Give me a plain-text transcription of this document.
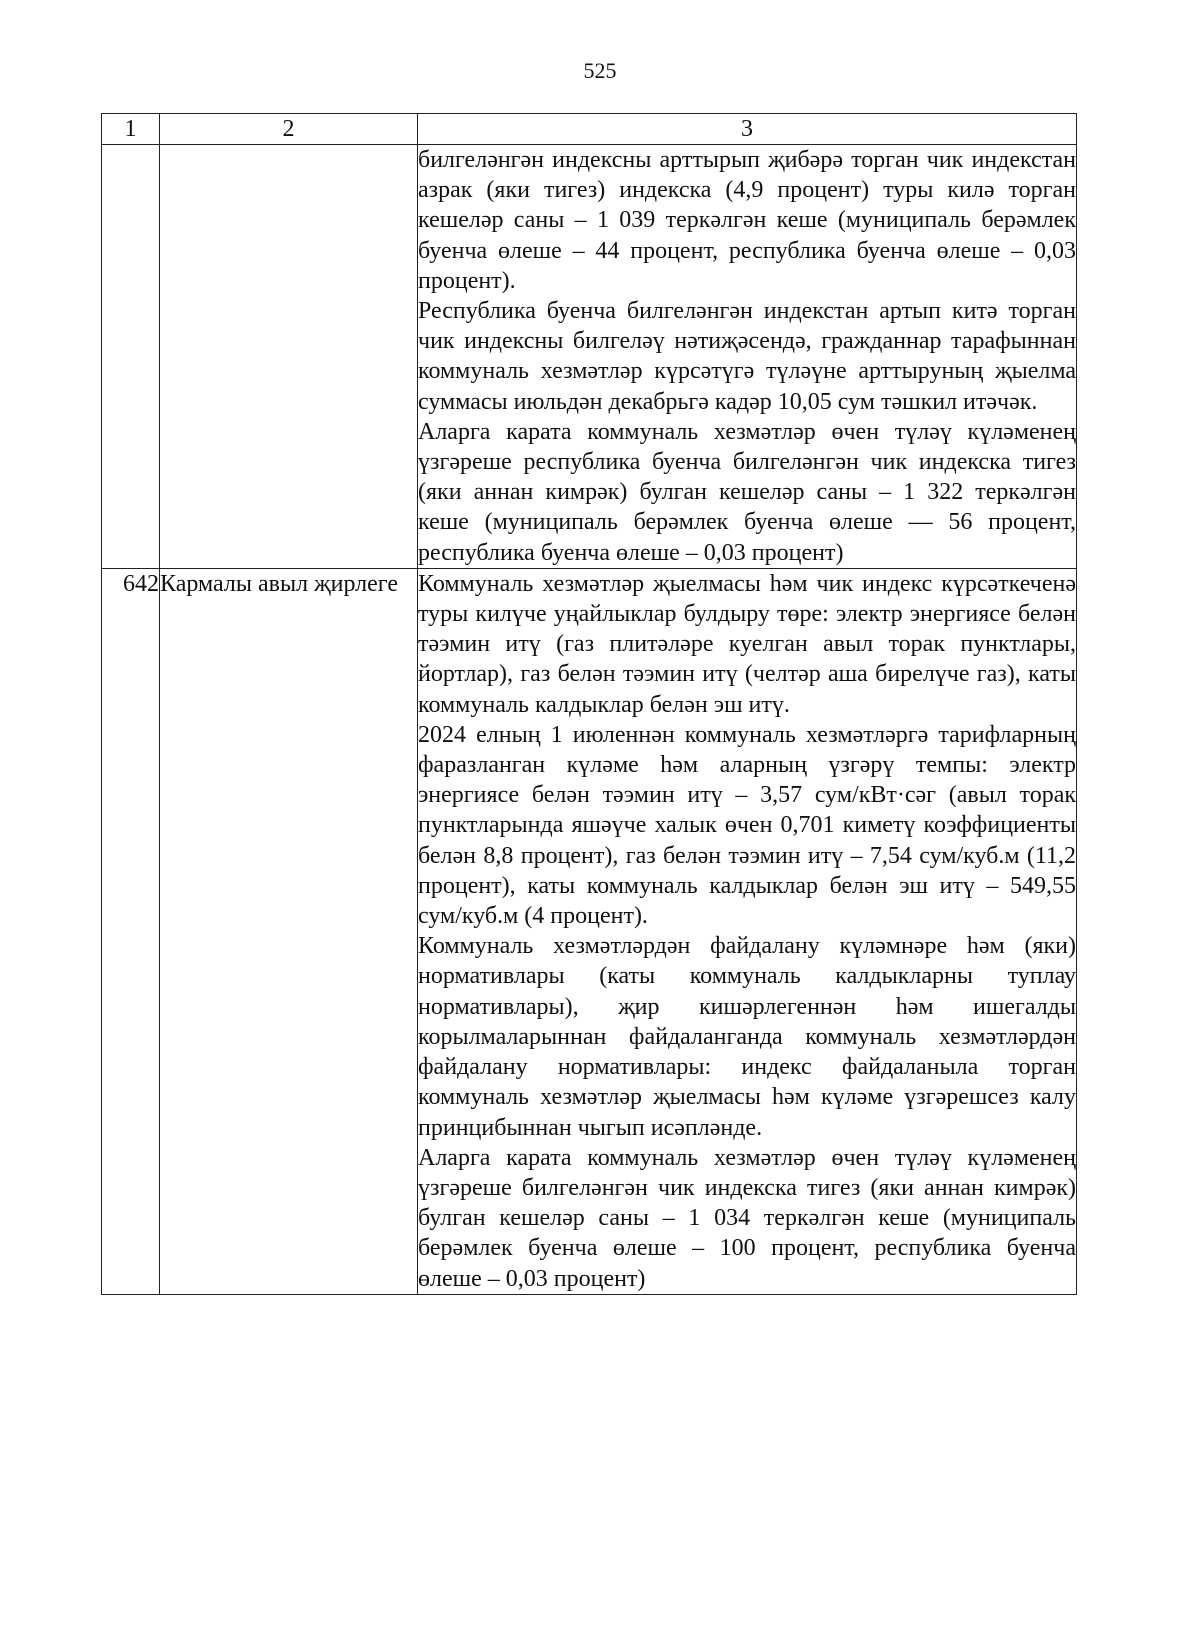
525
1	2	3

		билгеләнгән индексны арттырып җибәрә торган чик индекстан азрак (яки тигез) индекска (4,9 процент) туры килә торган кешеләр саны – 1 039 теркәлгән кеше (муниципаль берәмлек буенча өлеше – 44 процент, республика буенча өлеше – 0,03 процент).

Республика буенча билгеләнгән индекстан артып китә торган чик индексны билгеләү нәтиҗәсендә, гражданнар тарафыннан коммуналь хезмәтләр күрсәтүгә түләүне арттыруның җыелма суммасы июльдән декабрьгә кадәр 10,05 сум тәшкил итәчәк.

Аларга карата коммуналь хезмәтләр өчен түләү күләменең үзгәреше республика буенча билгеләнгән чик индекска тигез (яки аннан кимрәк) булган кешеләр саны – 1 322 теркәлгән кеше (муниципаль берәмлек буенча өлеше — 56 процент, республика буенча өлеше – 0,03 процент)

642	Кармалы авыл җирлеге	Коммуналь хезмәтләр җыелмасы һәм чик индекс күрсәткеченә туры килүче уңайлыклар булдыру төре: электр энергиясе белән тәэмин итү (газ плитәләре куелган авыл торак пунктлары, йортлар), газ белән тәэмин итү (челтәр аша бирелүче газ), каты коммуналь калдыклар белән эш итү.

2024 елның 1 июленнән коммуналь хезмәтләргә тарифларның фаразланган күләме һәм аларның үзгәрү темпы: электр энергиясе белән тәэмин итү – 3,57 сум/кВт·сәг (авыл торак пунктларында яшәүче халык өчен 0,701 киметү коэффициенты белән 8,8 процент), газ белән тәэмин итү – 7,54 сум/куб.м (11,2 процент), каты коммуналь калдыклар белән эш итү – 549,55 сум/куб.м (4 процент).

Коммуналь хезмәтләрдән файдалану күләмнәре һәм (яки) нормативлары (каты коммуналь калдыкларны туплау нормативлары), җир кишәрлегеннән һәм ишегалды корылмаларыннан файдаланганда коммуналь хезмәтләрдән файдалану нормативлары: индекс файдаланыла торган коммуналь хезмәтләр җыелмасы һәм күләме үзгәрешсез калу принцибыннан чыгып исәпләнде.

Аларга карата коммуналь хезмәтләр өчен түләү күләменең үзгәреше билгеләнгән чик индекска тигез (яки аннан кимрәк) булган кешеләр саны – 1 034 теркәлгән кеше (муниципаль берәмлек буенча өлеше – 100 процент, республика буенча өлеше – 0,03 процент)
